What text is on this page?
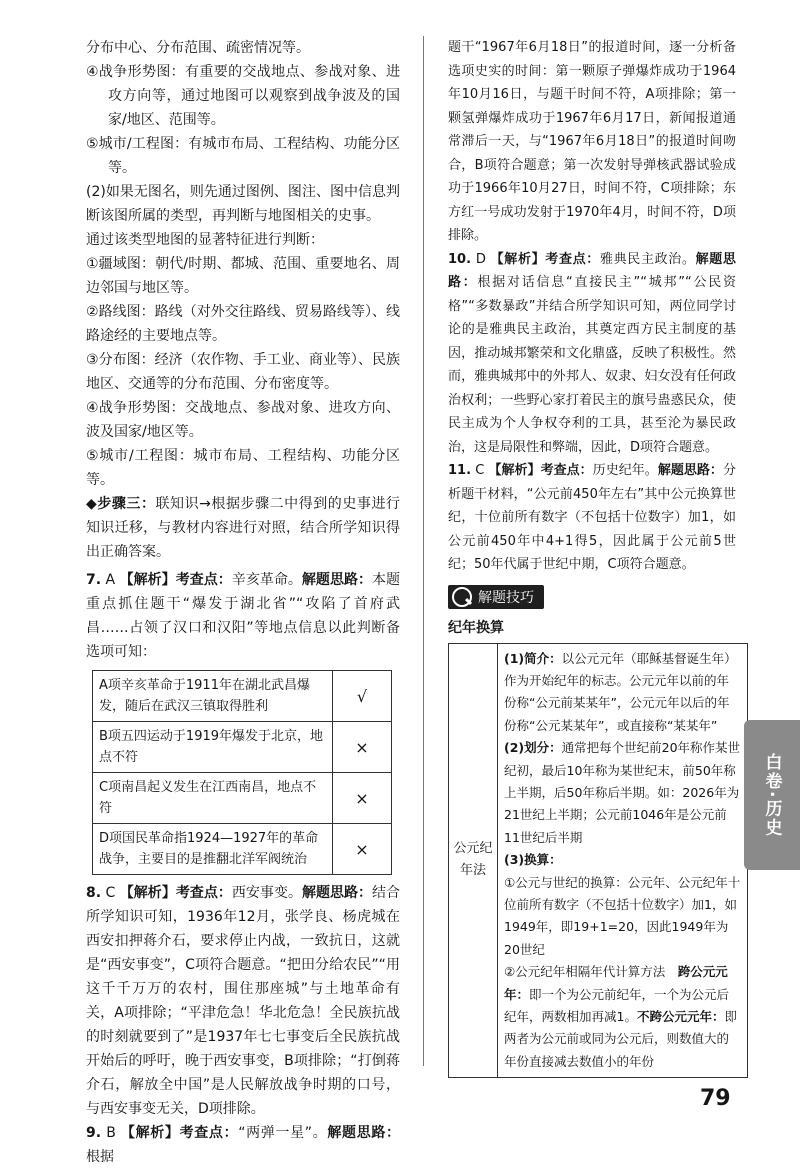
分布中心、分布范围、疏密情况等。

④战争形势图：有重要的交战地点、参战对象、进攻方向等，通过地图可以观察到战争波及的国家/地区、范围等。

⑤城市/工程图：有城市布局、工程结构、功能分区等。

(2)如果无图名，则先通过图例、图注、图中信息判断该图所属的类型，再判断与地图相关的史事。

通过该类型地图的显著特征进行判断：

①疆域图：朝代/时期、都城、范围、重要地名、周边邻国与地区等。

②路线图：路线（对外交往路线、贸易路线等）、线路途经的主要地点等。

③分布图：经济（农作物、手工业、商业等）、民族地区、交通等的分布范围、分布密度等。

④战争形势图：交战地点、参战对象、进攻方向、波及国家/地区等。

⑤城市/工程图：城市布局、工程结构、功能分区等。

◆步骤三：联知识→根据步骤二中得到的史事进行知识迁移，与教材内容进行对照，结合所学知识得出正确答案。

7. A 【解析】考查点：辛亥革命。解题思路：本题重点抓住题干“爆发于湖北省”“攻陷了首府武昌……占领了汉口和汉阳”等地点信息以此判断备选项可知：

A项辛亥革命于1911年在湖北武昌爆发，随后在武汉三镇取得胜利	√
B项五四运动于1919年爆发于北京，地点不符	×
C项南昌起义发生在江西南昌，地点不符	×
D项国民革命指1924—1927年的革命战争，主要目的是推翻北洋军阀统治	×

8. C 【解析】考查点：西安事变。解题思路：结合所学知识可知，1936年12月，张学良、杨虎城在西安扣押蒋介石，要求停止内战，一致抗日，这就是“西安事变”，C项符合题意。“把田分给农民”“用这千千万万的农村，围住那座城”与土地革命有关，A项排除；“平津危急！华北危急！全民族抗战的时刻就要到了”是1937年七七事变后全民族抗战开始后的呼吁，晚于西安事变，B项排除；“打倒蒋介石，解放全中国”是人民解放战争时期的口号，与西安事变无关，D项排除。

9. B 【解析】考查点：“两弹一星”。解题思路：根据

题干“1967年6月18日”的报道时间，逐一分析备选项史实的时间：第一颗原子弹爆炸成功于1964年10月16日，与题干时间不符，A项排除；第一颗氢弹爆炸成功于1967年6月17日，新闻报道通常滞后一天，与“1967年6月18日”的报道时间吻合，B项符合题意；第一次发射导弹核武器试验成功于1966年10月27日，时间不符，C项排除；东方红一号成功发射于1970年4月，时间不符，D项排除。

10. D 【解析】考查点：雅典民主政治。解题思路：根据对话信息“直接民主”“城邦”“公民资格”“多数暴政”并结合所学知识可知，两位同学讨论的是雅典民主政治，其奠定西方民主制度的基因，推动城邦繁荣和文化鼎盛，反映了积极性。然而，雅典城邦中的外邦人、奴隶、妇女没有任何政治权利；一些野心家打着民主的旗号蛊惑民众，使民主成为个人争权夺利的工具，甚至沦为暴民政治，这是局限性和弊端，因此，D项符合题意。

11. C 【解析】考查点：历史纪年。解题思路：分析题干材料，“公元前450年左右”其中公元换算世纪，十位前所有数字（不包括十位数字）加1，如公元前450年中4+1得5，因此属于公元前5世纪；50年代属于世纪中期，C项符合题意。

解题技巧
纪年换算
公元纪年法	
(1)简介：以公元元年（耶稣基督诞生年）作为开始纪年的标志。公元元年以前的年份称“公元前某某年”，公元元年以后的年份称“公元某某年”，或直接称“某某年”
(2)划分：通常把每个世纪前20年称作某世纪初，最后10年称为某世纪末，前50年称上半期，后50年称后半期。如：2026年为21世纪上半期；公元前1046年是公元前11世纪后半期
(3)换算：
①公元与世纪的换算：公元年、公元纪年十位前所有数字（不包括十位数字）加1，如1949年，即19+1=20，因此1949年为20世纪
②公元纪年相隔年代计算方法　跨公元元年：即一个为公元前纪年，一个为公元后纪年，两数相加再减1。不跨公元元年：即两者为公元前或同为公元后，则数值大的年份直接减去数值小的年份
白卷·历史
79
